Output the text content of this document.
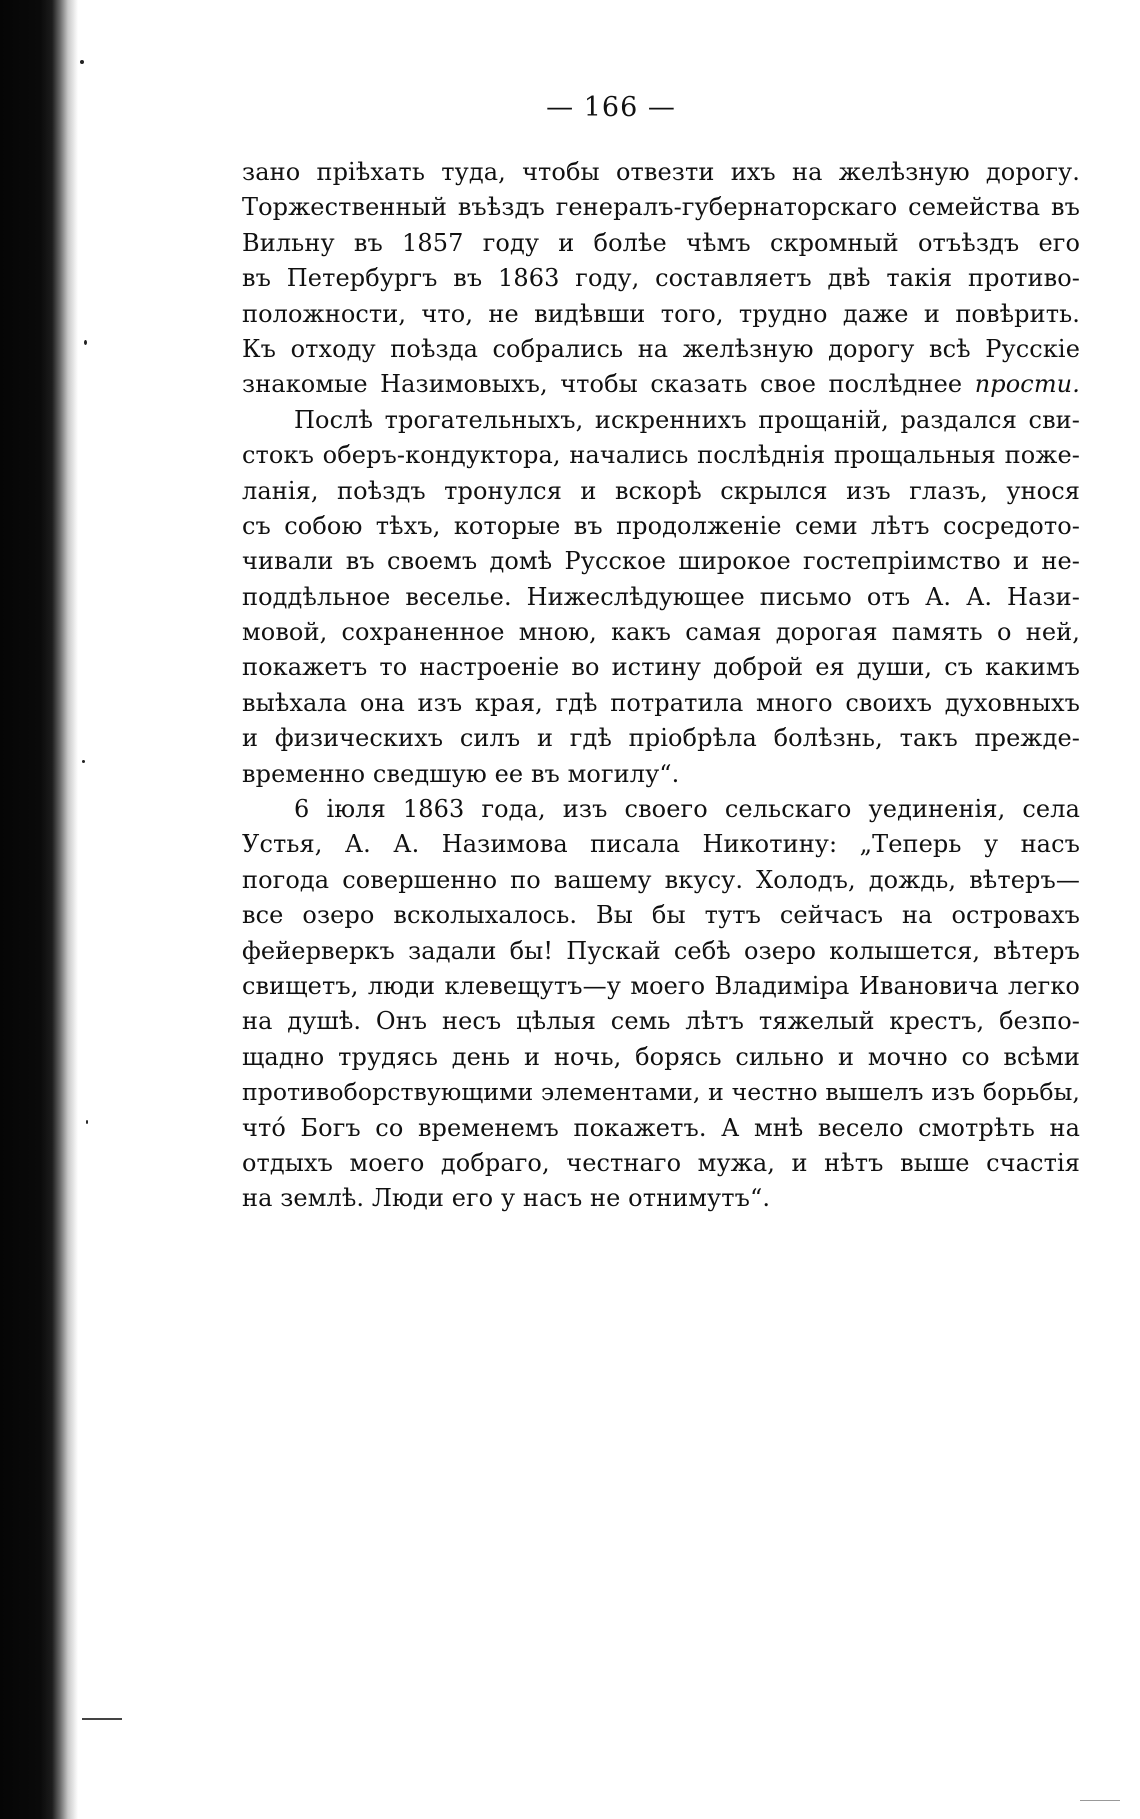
— 166 —
зано пріѣхать туда, чтобы отвезти ихъ на желѣзную дорогу.
Торжественный въѣздъ генералъ-губернаторскаго семейства въ
Вильну въ 1857 году и болѣе чѣмъ скромный отъѣздъ его
въ Петербургъ въ 1863 году, составляетъ двѣ такія противо-
положности, что, не видѣвши того, трудно даже и повѣрить.
Къ отходу поѣзда собрались на желѣзную дорогу всѣ Русскіе
знакомые Назимовыхъ, чтобы сказать свое послѣднее прости.
Послѣ трогательныхъ, искреннихъ прощаній, раздался сви-
стокъ оберъ-кондуктора, начались послѣднія прощальныя поже-
ланія, поѣздъ тронулся и вскорѣ скрылся изъ глазъ, унося
съ собою тѣхъ, которые въ продолженіе семи лѣтъ сосредото-
чивали въ своемъ домѣ Русское широкое гостепріимство и не-
поддѣльное веселье. Нижеслѣдующее письмо отъ А. А. Нази-
мовой, сохраненное мною, какъ самая дорогая память о ней,
покажетъ то настроеніе во истину доброй ея души, съ какимъ
выѣхала она изъ края, гдѣ потратила много своихъ духовныхъ
и физическихъ силъ и гдѣ пріобрѣла болѣзнь, такъ прежде-
временно сведшую ее въ могилу“.
6 іюля 1863 года, изъ своего сельскаго уединенія, села
Устья, А. А. Назимова писала Никотину: „Теперь у насъ
погода совершенно по вашему вкусу. Холодъ, дождь, вѣтеръ—
все озеро всколыхалось. Вы бы тутъ сейчасъ на островахъ
фейерверкъ задали бы! Пускай себѣ озеро колышется, вѣтеръ
свищетъ, люди клевещутъ—у моего Владиміра Ивановича легко
на душѣ. Онъ несъ цѣлыя семь лѣтъ тяжелый крестъ, безпо-
щадно трудясь день и ночь, борясь сильно и мочно со всѣми
противоборствующими элементами, и честно вышелъ изъ борьбы,
что́ Богъ со временемъ покажетъ. А мнѣ весело смотрѣть на
отдыхъ моего добраго, честнаго мужа, и нѣтъ выше счастія
на землѣ. Люди его у насъ не отнимутъ“.
